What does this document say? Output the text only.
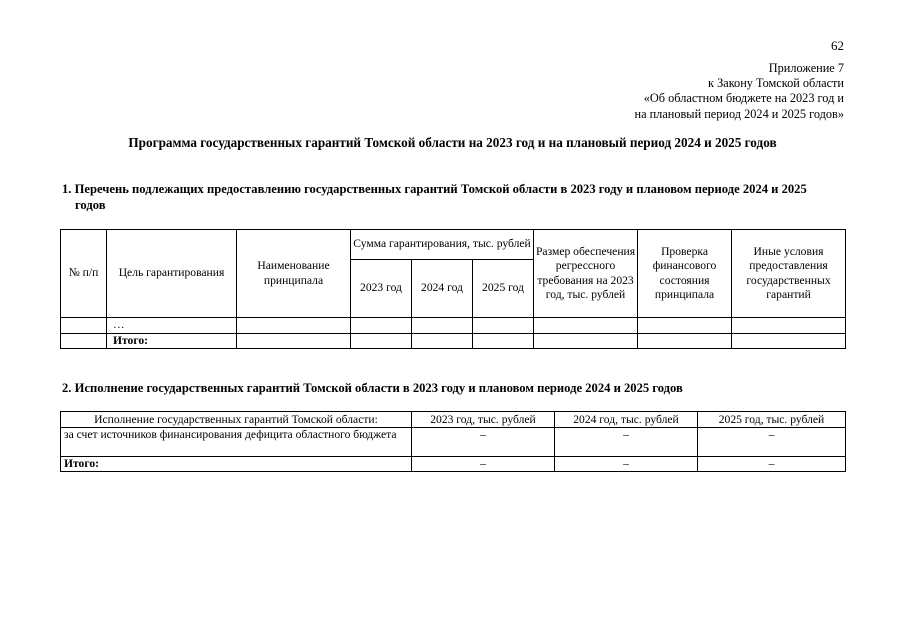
62
Приложение 7
к Закону Томской области
«Об областном бюджете на 2023 год и
на плановый период 2024 и 2025 годов»
Программа государственных гарантий Томской области на 2023 год и на плановый период 2024 и 2025 годов
1. Перечень подлежащих предоставлению государственных гарантий Томской области в 2023 году и плановом периоде 2024 и 2025
годов
№ п/п	Цель гарантирования	Наименование принципала	Сумма гарантирования, тыс. рублей			Размер обеспечения регрессного требования на 2023 год, тыс. рублей	Проверка финансового состояния принципала	Иные условия предоставления государственных гарантий
			2023 год	2024 год	2025 год			
	…							
	Итого:							
2. Исполнение государственных гарантий Томской области в 2023 году и плановом периоде 2024 и 2025 годов
Исполнение государственных гарантий Томской области:	2023 год, тыс. рублей	2024 год, тыс. рублей	2025 год, тыс. рублей
за счет источников финансирования дефицита областного бюджета	–	–	–
Итого:	–	–	–
